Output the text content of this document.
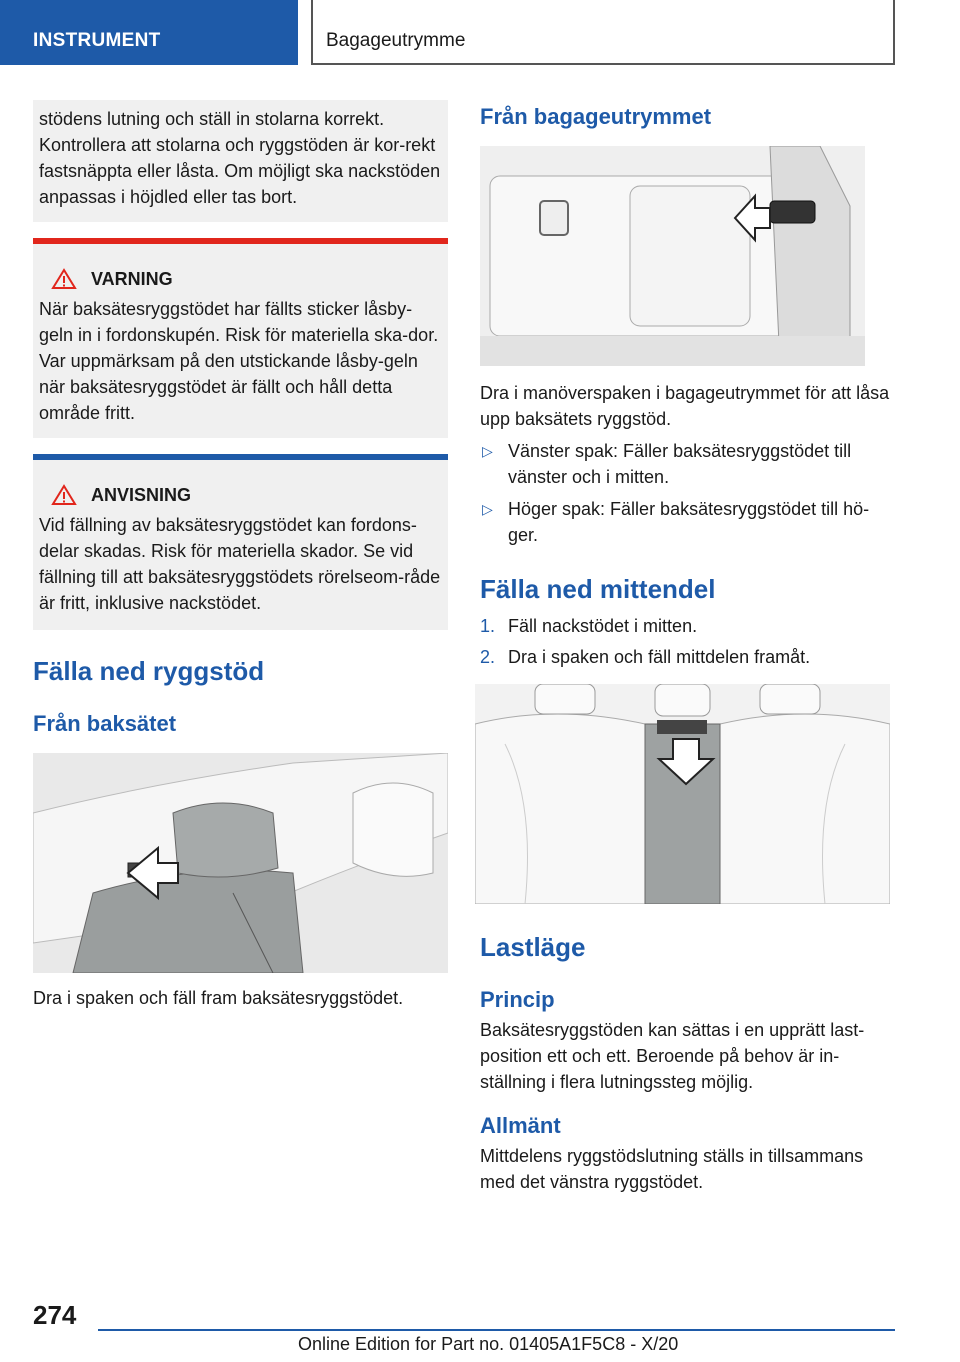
INSTRUMENT	Bagageutrymme
stödens lutning och ställ in stolarna korrekt. Kontrollera att stolarna och ryggstöden är kor-rekt fastsnäppta eller låsta. Om möjligt ska nackstöden anpassas i höjdled eller tas bort.
VARNING
När baksätesryggstödet har fällts sticker låsby-geln in i fordonskupén. Risk för materiella ska-dor. Var uppmärksam på den utstickande låsby-geln när baksätesryggstödet är fällt och håll detta område fritt.
ANVISNING
Vid fällning av baksätesryggstödet kan fordons-delar skadas. Risk för materiella skador. Se vid fällning till att baksätesryggstödets rörelseom-råde är fritt, inklusive nackstödet.
Fälla ned ryggstöd
Från baksätet
Dra i spaken och fäll fram baksätesryggstödet.
Från bagageutrymmet
Dra i manöverspaken i bagageutrymmet för att låsa upp baksätets ryggstöd.
▷ Vänster spak: Fäller baksätesryggstödet till vänster och i mitten.
▷ Höger spak: Fäller baksätesryggstödet till hö-ger.
Fälla ned mittendel
1. Fäll nackstödet i mitten.
2. Dra i spaken och fäll mittdelen framåt.
Lastläge
Princip
Baksätesryggstöden kan sättas i en upprätt last-position ett och ett. Beroende på behov är in-ställning i flera lutningssteg möjlig.
Allmänt
Mittdelens ryggstödslutning ställs in tillsammans med det vänstra ryggstödet.
274
Online Edition for Part no. 01405A1F5C8 - X/20
